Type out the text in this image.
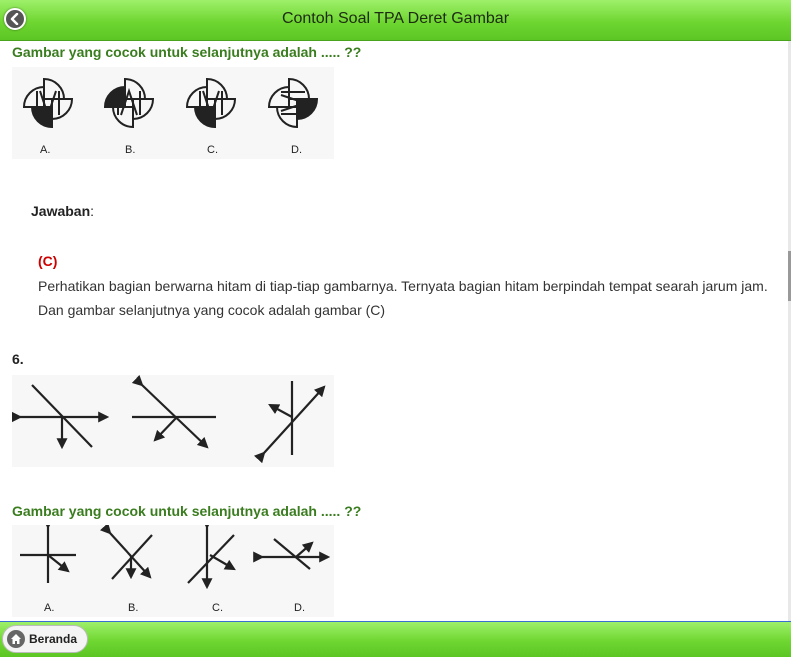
Contoh Soal TPA Deret Gambar
Gambar yang cocok untuk selanjutnya adalah ..... ??
A.	B.	C.	D.
Jawaban:
(C)
Perhatikan bagian berwarna hitam di tiap-tiap gambarnya. Ternyata bagian hitam berpindah tempat searah jarum jam. Dan gambar selanjutnya yang cocok adalah gambar (C)
6.
Gambar yang cocok untuk selanjutnya adalah ..... ??
A.	B.	C.	D.
Beranda
